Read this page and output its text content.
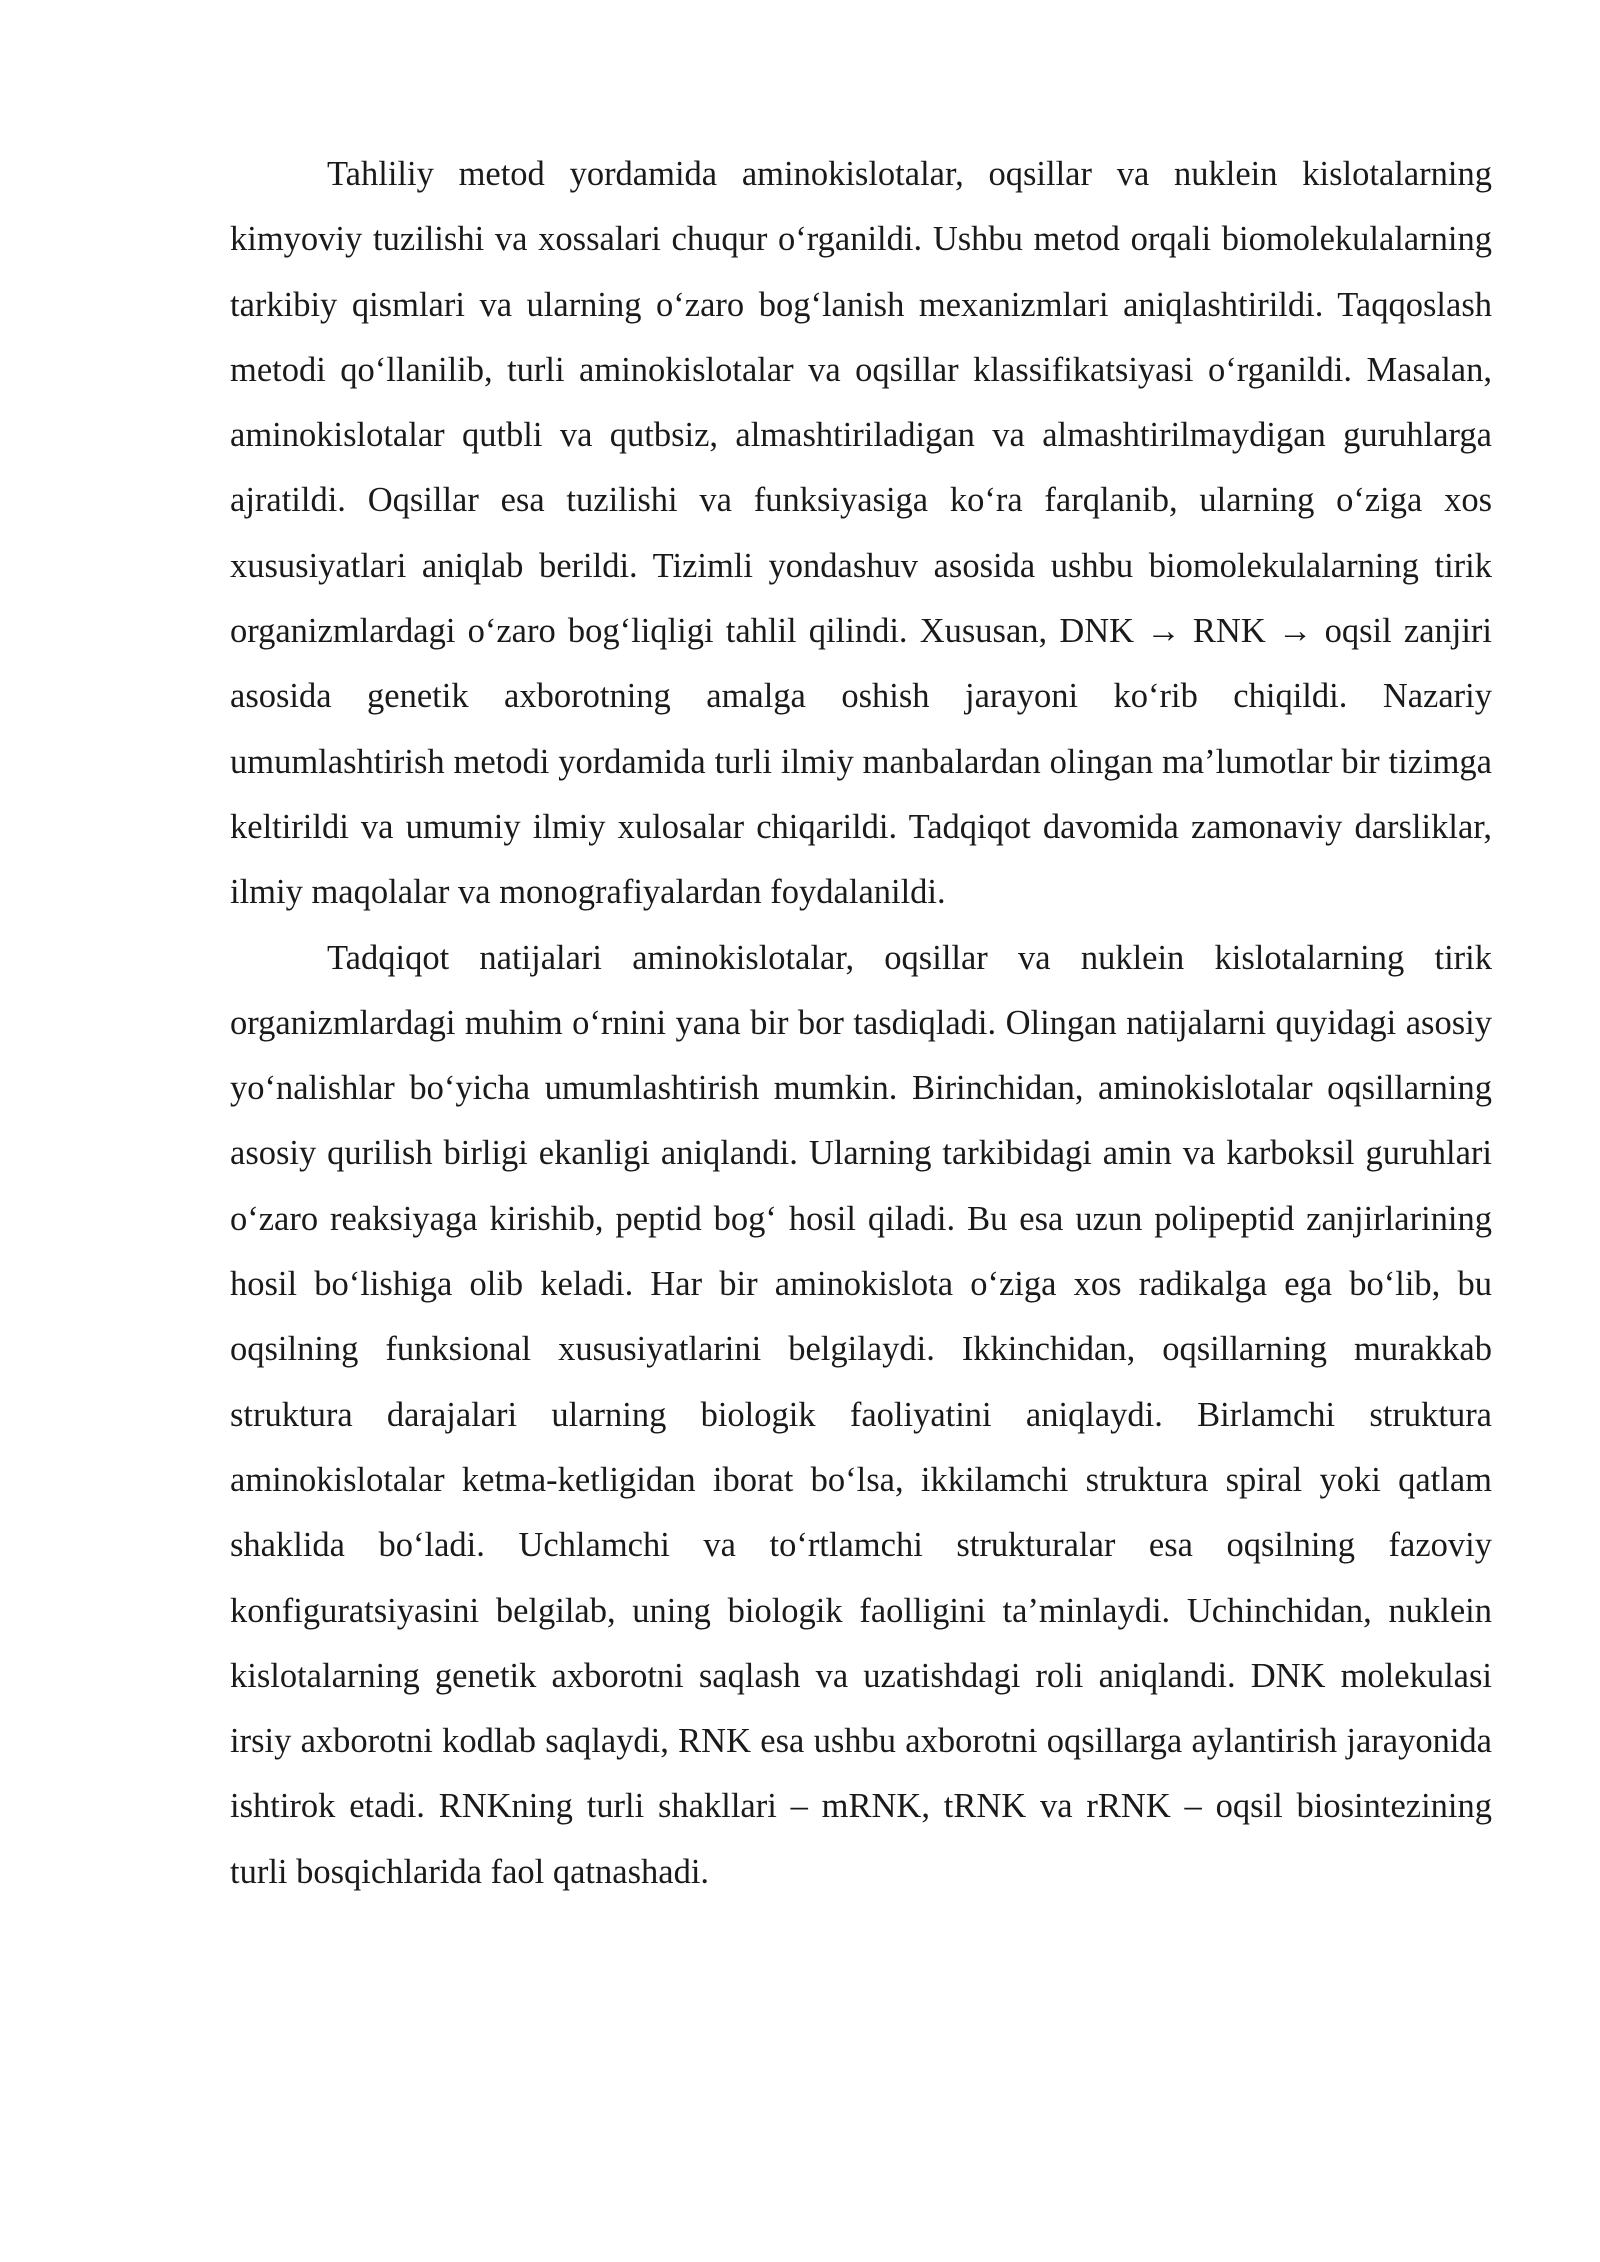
Tahliliy metod yordamida aminokislotalar, oqsillar va nuklein kislotalarning kimyoviy tuzilishi va xossalari chuqur o‘rganildi. Ushbu metod orqali biomolekulalarning tarkibiy qismlari va ularning o‘zaro bog‘lanish mexanizmlari aniqlashtirildi. Taqqoslash metodi qo‘llanilib, turli aminokislotalar va oqsillar klassifikatsiyasi o‘rganildi. Masalan, aminokislotalar qutbli va qutbsiz, almashtiriladigan va almashtirilmaydigan guruhlarga ajratildi. Oqsillar esa tuzilishi va funksiyasiga ko‘ra farqlanib, ularning o‘ziga xos xususiyatlari aniqlab berildi. Tizimli yondashuv asosida ushbu biomolekulalarning tirik organizmlardagi o‘zaro bog‘liqligi tahlil qilindi. Xususan, DNK → RNK → oqsil zanjiri asosida genetik axborotning amalga oshish jarayoni ko‘rib chiqildi. Nazariy umumlashtirish metodi yordamida turli ilmiy manbalardan olingan ma’lumotlar bir tizimga keltirildi va umumiy ilmiy xulosalar chiqarildi. Tadqiqot davomida zamonaviy darsliklar, ilmiy maqolalar va monografiyalardan foydalanildi.

Tadqiqot natijalari aminokislotalar, oqsillar va nuklein kislotalarning tirik organizmlardagi muhim o‘rnini yana bir bor tasdiqladi. Olingan natijalarni quyidagi asosiy yo‘nalishlar bo‘yicha umumlashtirish mumkin. Birinchidan, aminokislotalar oqsillarning asosiy qurilish birligi ekanligi aniqlandi. Ularning tarkibidagi amin va karboksil guruhlari o‘zaro reaksiyaga kirishib, peptid bog‘ hosil qiladi. Bu esa uzun polipeptid zanjirlarining hosil bo‘lishiga olib keladi. Har bir aminokislota o‘ziga xos radikalga ega bo‘lib, bu oqsilning funksional xususiyatlarini belgilaydi. Ikkinchidan, oqsillarning murakkab struktura darajalari ularning biologik faoliyatini aniqlaydi. Birlamchi struktura aminokislotalar ketma-ketligidan iborat bo‘lsa, ikkilamchi struktura spiral yoki qatlam shaklida bo‘ladi. Uchlamchi va to‘rtlamchi strukturalar esa oqsilning fazoviy konfiguratsiyasini belgilab, uning biologik faolligini ta’minlaydi. Uchinchidan, nuklein kislotalarning genetik axborotni saqlash va uzatishdagi roli aniqlandi. DNK molekulasi irsiy axborotni kodlab saqlaydi, RNK esa ushbu axborotni oqsillarga aylantirish jarayonida ishtirok etadi. RNKning turli shakllari – mRNK, tRNK va rRNK – oqsil biosintezining turli bosqichlarida faol qatnashadi.
